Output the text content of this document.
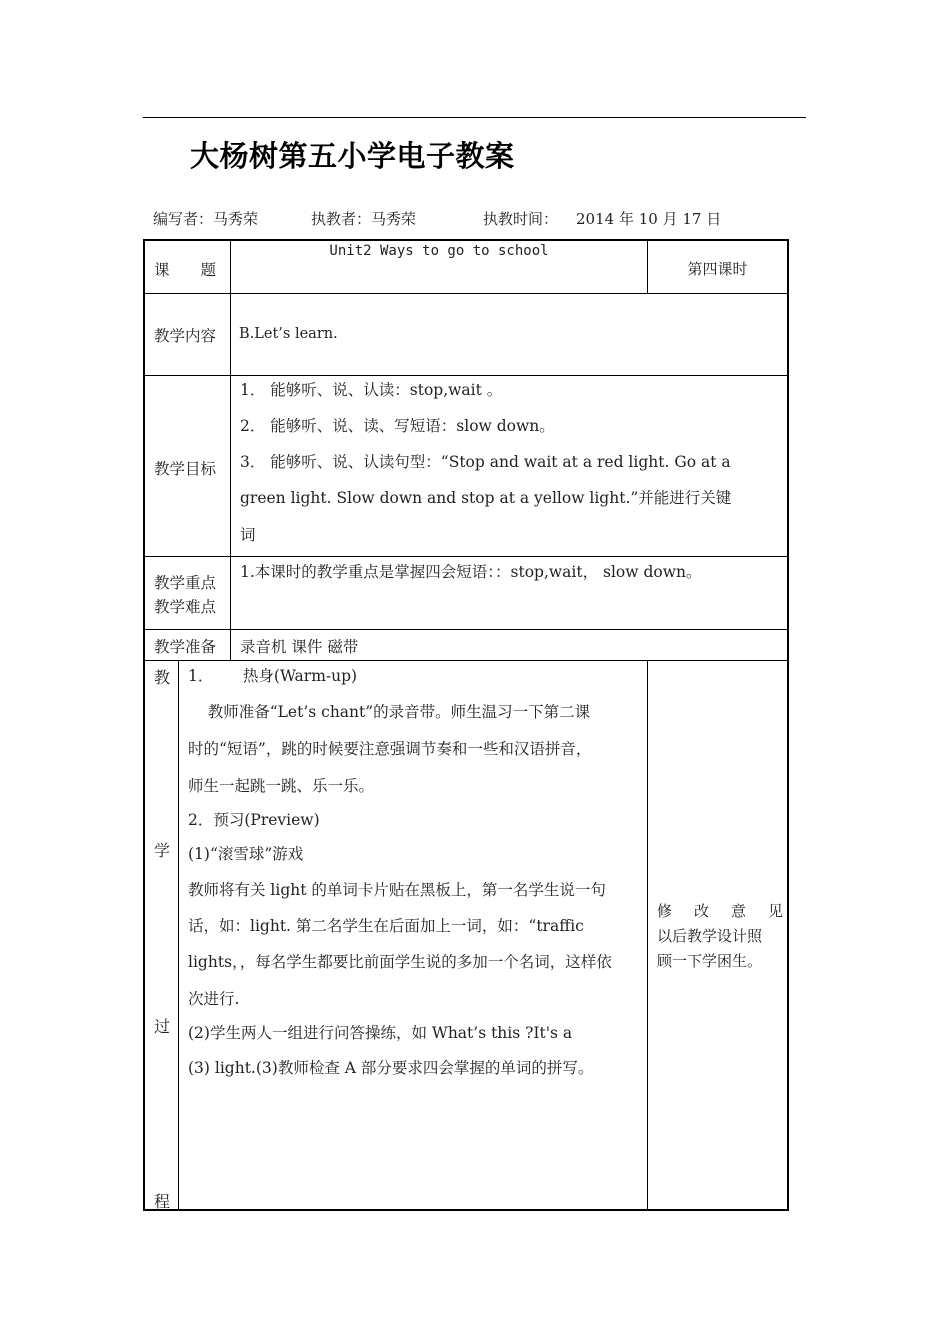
大杨树第五小学电子教案
编写者：马秀荣	执教者：马秀荣	执教时间： 2014 年 10 月 17 日
课　　题
Unit2 Ways to go to school
第四课时
教学内容 B.Let’s learn.
教学目标
1． 能够听、说、认读：stop,wait 。
2． 能够听、说、读、写短语：slow down。
3． 能够听、说、认读句型：“Stop and wait at a red light. Go at a
green light. Slow down and stop at a yellow light.”并能进行关键
词
教学重点
教学难点
1.本课时的教学重点是掌握四会短语：：stop,wait， slow down。
教学准备 录音机 课件 磁带
教
学
过
程
1．      热身(Warm-up)
教师准备“Let’s chant”的录音带。师生温习一下第二课
时的“短语”，跳的时候要注意强调节奏和一些和汉语拼音，
师生一起跳一跳、乐一乐。
2．预习(Preview)
(1)“滚雪球”游戏
教师将有关 light 的单词卡片贴在黑板上，第一名学生说一句
话，如：light. 第二名学生在后面加上一词，如：“traffic
lights，，每名学生都要比前面学生说的多加一个名词，这样依
次进行.
(2)学生两人一组进行问答操练，如 What’s this ?It's a
(3) light.(3)教师检查 A 部分要求四会掌握的单词的拼写。
修 改 意 见
以后教学设计照
顾一下学困生。
